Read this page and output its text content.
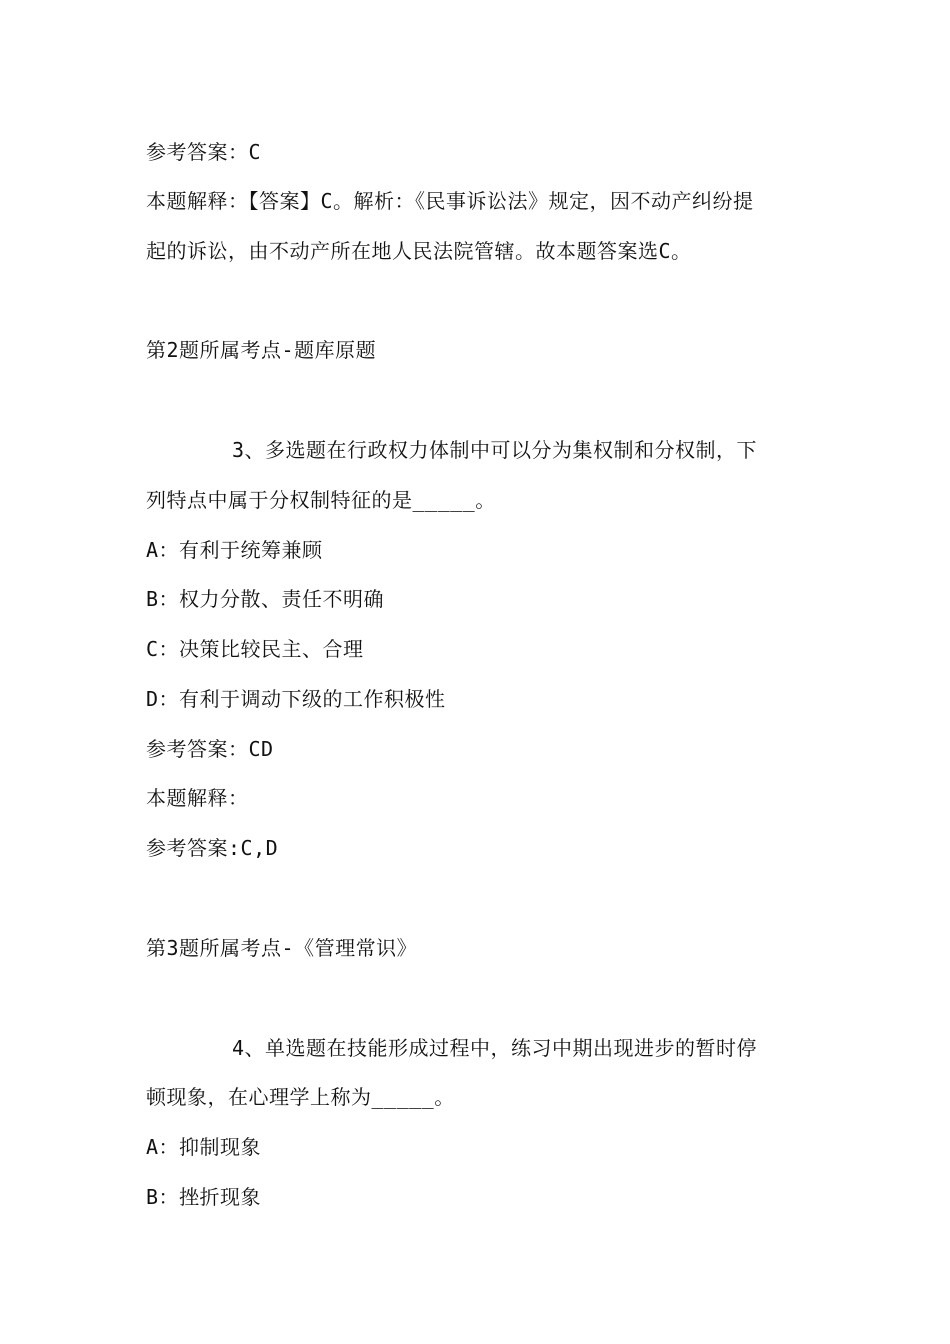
参考答案：C
本题解释：【答案】C。解析：《民事诉讼法》规定，因不动产纠纷提
起的诉讼，由不动产所在地人民法院管辖。故本题答案选C。
第2题所属考点-题库原题
3、多选题在行政权力体制中可以分为集权制和分权制，下
列特点中属于分权制特征的是_____。
A：有利于统筹兼顾
B：权力分散、责任不明确
C：决策比较民主、合理
D：有利于调动下级的工作积极性
参考答案：CD
本题解释：
参考答案:C,D
第3题所属考点-《管理常识》
4、单选题在技能形成过程中，练习中期出现进步的暂时停
顿现象，在心理学上称为_____。
A：抑制现象
B：挫折现象
